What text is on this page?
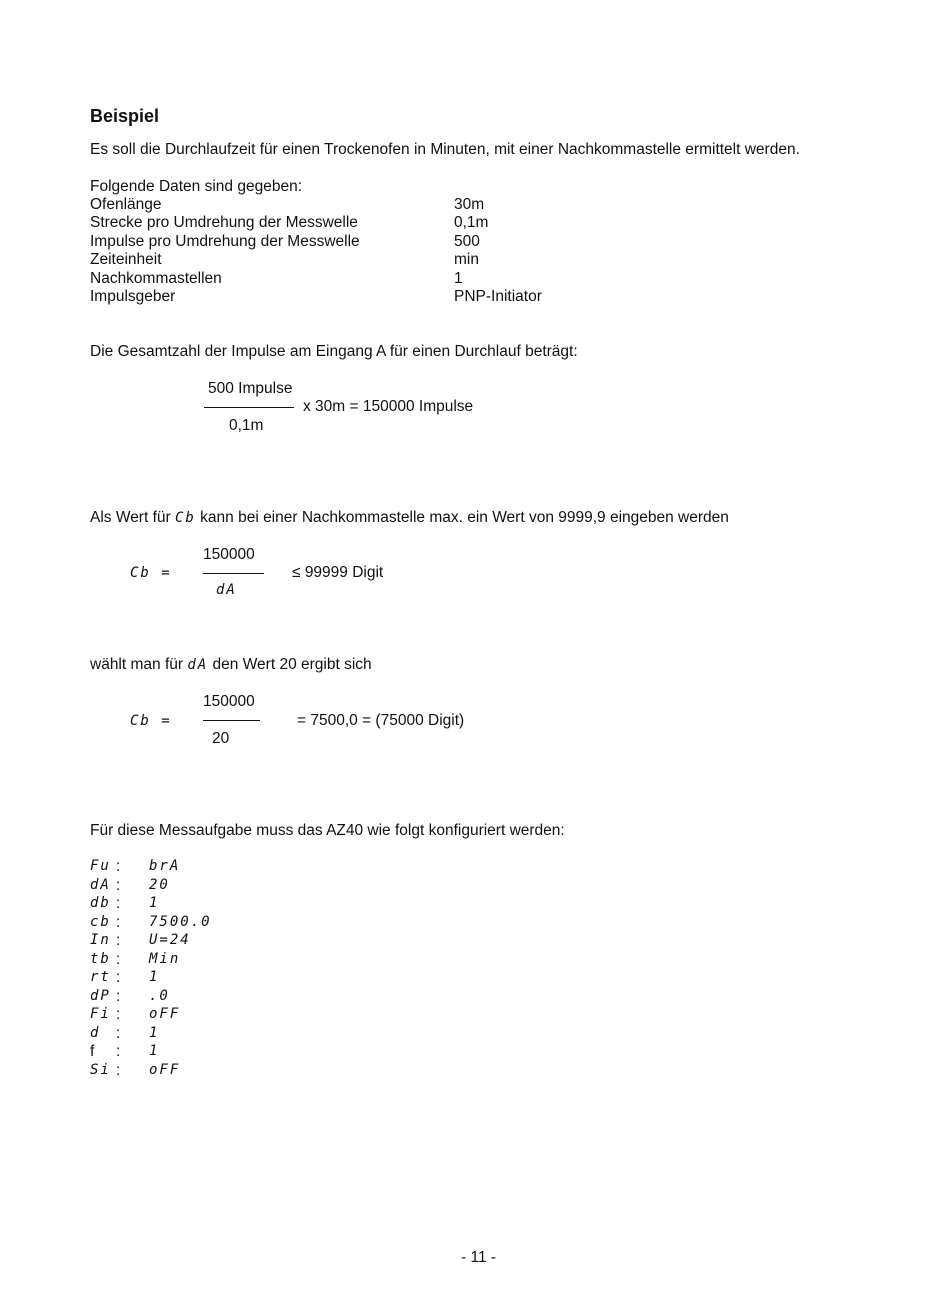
Beispiel
Es soll die Durchlaufzeit für einen Trockenofen in Minuten, mit einer Nachkommastelle ermittelt werden.
Folgende Daten sind gegeben:
Ofenlänge	30m
Strecke pro Umdrehung der Messwelle	0,1m
Impulse pro Umdrehung der Messwelle	500
Zeiteinheit	min
Nachkommastellen	1
Impulsgeber	PNP-Initiator
Die Gesamtzahl der Impulse am Eingang A für einen Durchlauf beträgt:
500 Impulse
x 30m = 150000 Impulse
0,1m
Als Wert für Cb kann bei einer Nachkommastelle max. ein Wert von 9999,9 eingeben werden
150000
Cb =	≤ 99999 Digit
dA
wählt man für dA den Wert 20 ergibt sich
150000
Cb =	= 7500,0 = (75000 Digit)
20
Für diese Messaufgabe muss das AZ40 wie folgt konfiguriert werden:
Fu : brA
dA : 20
db : 1
cb : 7500.0
In : U=24
tb : Min
rt : 1
dP : .0
Fi : oFF
d : 1
f : 1
Si : oFF
- 11 -
